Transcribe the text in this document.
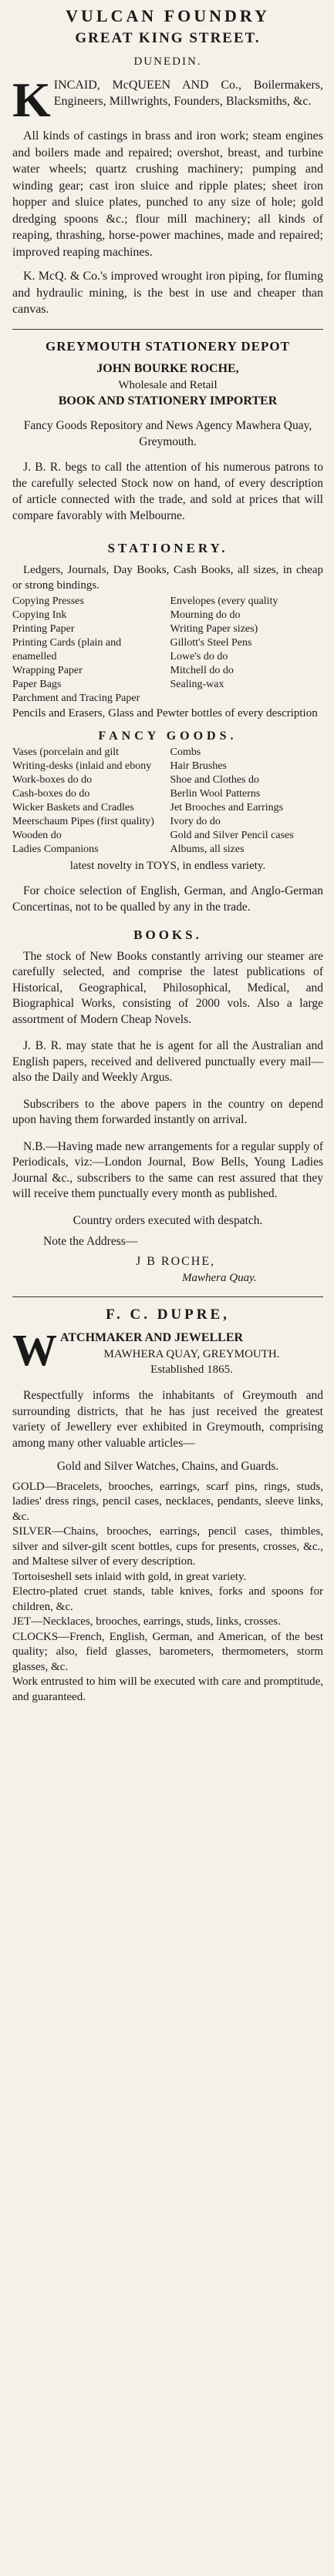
VULCAN FOUNDRY
GREAT KING STREET.
DUNEDIN.
K INCAID, McQUEEN AND Co., Boilermakers, Engineers, Millwrights, Founders, Blacksmiths, &c.

All kinds of castings in brass and iron work; steam engines and boilers made and repaired; overshot, breast, and turbine water wheels; quartz crushing machinery; pumping and winding gear; cast iron sluice and ripple plates; sheet iron hopper and sluice plates, punched to any size of hole; gold dredging spoons &c.; flour mill machinery; all kinds of reaping, thrashing, horse-power machines, made and repaired; improved reaping machines.

K. McQ. & Co.'s improved wrought iron piping, for fluming and hydraulic mining, is the best in use and cheaper than canvas.

GREYMOUTH STATIONERY DEPOT
JOHN BOURKE ROCHE,
Wholesale and Retail
BOOK AND STATIONERY IMPORTER

Fancy Goods Repository and News Agency Mawhera Quay, Greymouth.

J. B. R. begs to call the attention of his numerous patrons to the carefully selected Stock now on hand, of every description of article connected with the trade, and sold at prices that will compare favorably with Melbourne.

STATIONERY.

Ledgers, Journals, Day Books, Cash Books, all sizes, in cheap or strong bindings.

Copying Presses
Copying Ink
Printing Paper
Printing Cards (plain and enamelled
Wrapping Paper
Paper Bags
Parchment and Tracing Paper
Envelopes (every quality
Mourning do do
Writing Paper sizes)
Gillott's Steel Pens
Lowe's do do
Mitchell do do
Sealing-wax

Pencils and Erasers, Glass and Pewter bottles of every description

FANCY GOODS.
Vases (porcelain and gilt
Writing-desks (inlaid and ebony
Work-boxes do do
Cash-boxes do do
Wicker Baskets and Cradles
Meerschaum Pipes (first quality)
Wooden do
Ladies Companions
Combs
Hair Brushes
Shoe and Clothes do
Berlin Wool Patterns
Jet Brooches and Earrings
Ivory do do
Gold and Silver Pencil cases
Albums, all sizes

latest novelty in TOYS, in endless variety.

For choice selection of English, German, and Anglo-German Concertinas, not to be qualled by any in the trade.

BOOKS.

The stock of New Books constantly arriving our steamer are carefully selected, and comprise the latest publications of Historical, Geographical, Philosophical, Medical, and Biographical Works, consisting of 2000 vols. Also a large assortment of Modern Cheap Novels.

J. B. R. may state that he is agent for all the Australian and English papers, received and delivered punctually every mail—also the Daily and Weekly Argus.

Subscribers to the above papers in the country on depend upon having them forwarded instantly on arrival.

N.B.—Having made new arrangements for a regular supply of Periodicals, viz:—London Journal, Bow Bells, Young Ladies Journal &c., subscribers to the same can rest assured that they will receive them punctually every month as published.

Country orders executed with despatch.

Note the Address—

J B ROCHE,

Mawhera Quay.

F. C. DUPRE,
W ATCHMAKER AND JEWELLER

MAWHERA QUAY, GREYMOUTH.

Established 1865.

Respectfully informs the inhabitants of Greymouth and surrounding districts, that he has just received the greatest variety of Jewellery ever exhibited in Greymouth, comprising among many other valuable articles—

Gold and Silver Watches, Chains, and Guards.

GOLD—Bracelets, brooches, earrings, scarf pins, rings, studs, ladies' dress rings, pencil cases, necklaces, pendants, sleeve links, &c.

SILVER—Chains, brooches, earrings, pencil cases, thimbles, silver and silver-gilt scent bottles, cups for presents, crosses, &c., and Maltese silver of every description.

Tortoiseshell sets inlaid with gold, in great variety.

Electro-plated cruet stands, table knives, forks and spoons for children, &c.

JET—Necklaces, brooches, earrings, studs, links, crosses.

CLOCKS—French, English, German, and American, of the best quality; also, field glasses, barometers, thermometers, storm glasses, &c.

Work entrusted to him will be executed with care and promptitude, and guaranteed.
